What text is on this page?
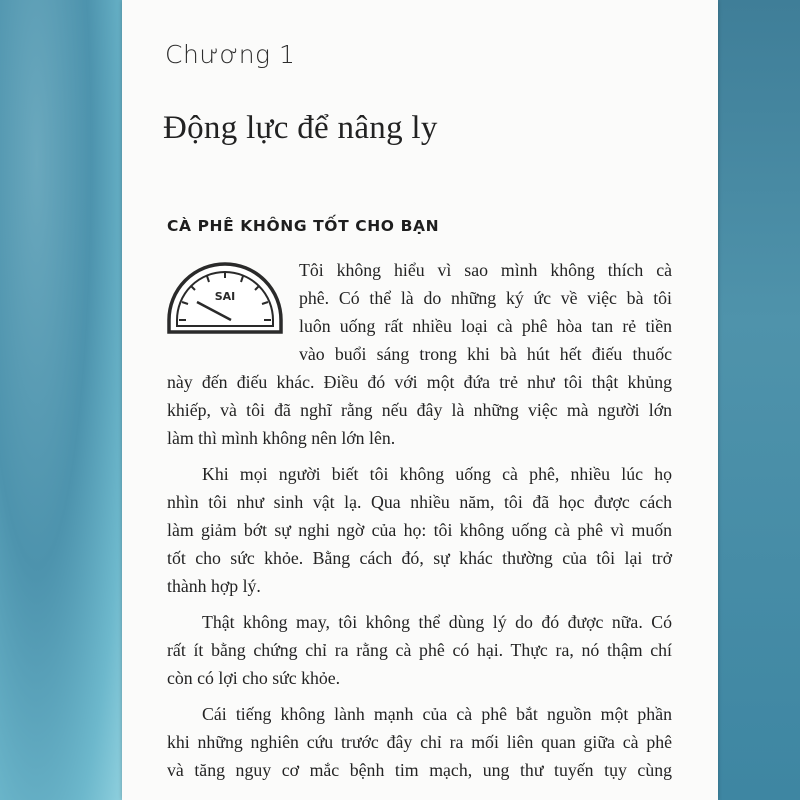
Chương 1
Động lực để nâng ly
CÀ PHÊ KHÔNG TỐT CHO BẠN
SAI
Tôi không hiểu vì sao mình không thích cà
phê. Có thể là do những ký ức về việc bà tôi
luôn uống rất nhiều loại cà phê hòa tan rẻ tiền
vào buổi sáng trong khi bà hút hết điếu thuốc
này đến điếu khác. Điều đó với một đứa trẻ như tôi thật khủng
khiếp, và tôi đã nghĩ rằng nếu đây là những việc mà người lớn
làm thì mình không nên lớn lên.
Khi mọi người biết tôi không uống cà phê, nhiều lúc họ
nhìn tôi như sinh vật lạ. Qua nhiều năm, tôi đã học được cách
làm giảm bớt sự nghi ngờ của họ: tôi không uống cà phê vì muốn
tốt cho sức khỏe. Bằng cách đó, sự khác thường của tôi lại trở
thành hợp lý.
Thật không may, tôi không thể dùng lý do đó được nữa. Có
rất ít bằng chứng chỉ ra rằng cà phê có hại. Thực ra, nó thậm chí
còn có lợi cho sức khỏe.
Cái tiếng không lành mạnh của cà phê bắt nguồn một phần
khi những nghiên cứu trước đây chỉ ra mối liên quan giữa cà phê
và tăng nguy cơ mắc bệnh tim mạch, ung thư tuyến tụy cùng
